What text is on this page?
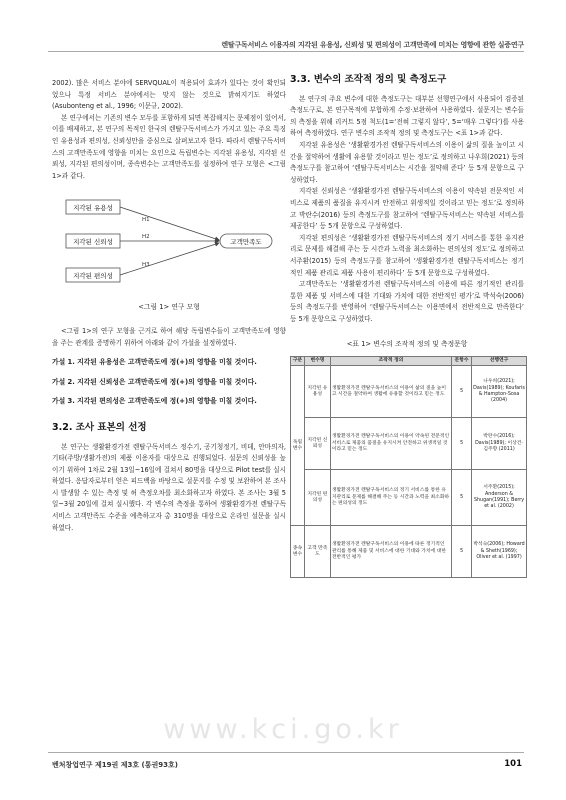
렌탈구독서비스 이용자의 지각된 유용성, 신뢰성 및 편의성이 고객만족에 미치는 영향에 관한 실증연구

2002). 많은 서비스 분야에 SERVQUAL이 적용되어 효과가 있다는 것이 확인되었으나 특정 서비스 분야에서는 맞지 않는 것으로 밝혀지기도 하였다(Asubonteng et al., 1996; 이문규, 2002).

본 연구에서는 기존의 변수 모두를 포함하게 되면 복잡해지는 문제점이 있어서, 이를 배제하고, 본 연구의 목적인 한국의 렌탈구독서비스가 가지고 있는 주요 특징인 유용성과 편의성, 신뢰성만을 중심으로 살펴보고자 한다. 따라서 렌탈구독서비스의 고객만족도에 영향을 미치는 요인으로 독립변수는 지각된 유용성, 지각된 신뢰성, 지각된 편의성이며, 종속변수는 고객만족도를 설정하여 연구 모형은 <그림 1>과 같다.

지각된 유용성
지각된 신뢰성
지각된 편의성
고객만족도
H1
H2
H3
<그림 1> 연구 모형

<그림 1>의 연구 모형을 근거로 하여 해당 독립변수들이 고객만족도에 영향을 주는 관계를 증명하기 위하여 아래와 같이 가설을 설정하였다.

가설 1. 지각된 유용성은 고객만족도에 정(+)의 영향을 미칠 것이다.
가설 2. 지각된 신뢰성은 고객만족도에 정(+)의 영향을 미칠 것이다.
가설 3. 지각된 편의성은 고객만족도에 정(+)의 영향을 미칠 것이다.
3.2. 조사 표본의 선정

본 연구는 생활환경가전 렌탈구독서비스 정수기, 공기청정기, 비데, 안마의자, 기타(주방/생활가전)의 제품 이용자를 대상으로 진행되었다. 설문의 신뢰성을 높이기 위하여 1차로 2월 13일~16일에 걸쳐서 80명을 대상으로 Pilot test를 실시하였다. 응답자로부터 얻은 피드백을 바탕으로 설문지를 수정 및 보완하여 본 조사 시 발생할 수 있는 측정 및 허 측정오차를 최소화하고자 하였다. 본 조사는 3월 5일~3월 20일에 걸쳐 실시했다. 각 변수의 측정을 통하여 생활환경가전 렌탈구독서비스 고객만족도 수준을 예측하고자 총 310명을 대상으로 온라인 설문을 실시하였다.

3.3. 변수의 조작적 정의 및 측정도구

본 연구의 주요 변수에 대한 측정도구는 대부분 선행연구에서 사용되어 검증된 측정도구로, 본 연구목적에 부합하게 수정·보완하여 사용하였다. 설문지는 변수들의 측정을 위해 리커트 5점 척도(1=‘전혀 그렇지 않다’, 5=‘매우 그렇다’)를 사용하여 측정하였다. 연구 변수의 조작적 정의 및 측정도구는 <표 1>과 같다.

지각된 유용성은 ‘생활환경가전 렌탈구독서비스의 이용이 삶의 질을 높이고 시간을 절약하여 생활에 유용할 것이라고 믿는 정도’로 정의하고 나우희(2021) 등의 측정도구를 참고하여 ‘렌탈구독서비스는 시간을 절약해 준다’ 등 5개 문항으로 구성하였다.

지각된 신뢰성은 ‘생활환경가전 렌탈구독서비스의 이용이 약속된 전문적인 서비스로 제품의 품질을 유지시켜 안전하고 위생적일 것이라고 믿는 정도’로 정의하고 박란수(2016) 등의 측정도구를 참고하여 ‘렌탈구독서비스는 약속된 서비스를 제공한다’ 등 5개 문항으로 구성하였다.

지각된 편의성은 ‘생활환경가전 렌탈구독서비스의 정기 서비스를 통한 유지관리로 문제를 해결해 주는 등 시간과 노력을 최소화하는 편의성의 정도’로 정의하고 서주환(2015) 등의 측정도구를 참고하여 ‘생활환경가전 렌탈구독서비스는 정기적인 제품 관리로 제품 사용이 편리하다’ 등 5개 문항으로 구성하였다.

고객만족도는 ‘생활환경가전 렌탈구독서비스의 이용에 따른 정기적인 관리를 통한 제품 및 서비스에 대한 기대와 가치에 대한 전반적인 평가’로 박석숙(2006) 등의 측정도구를 반영하여 ‘렌탈구독서비스는 이용면에서 전반적으로 만족한다’ 등 5개 문항으로 구성하였다.

<표 1> 변수의 조작적 정의 및 측정문항
구분	변수명	조작적 정의	문항수	선행연구
독립변수	지각된 유용성	생활환경가전 렌탈구독서비스의 이용이 삶의 질을 높이고 시간을 절약하여 생활에 유용할 것이라고 믿는 정도	5	나우희(2021); Davis(1989); Koufaris & Hampton-Sosa (2004)
	지각된 신뢰성	생활환경가전 렌탈구독서비스의 이용이 약속된 전문적인 서비스로 제품의 품질을 유지시켜 안전하고 위생적일 것이라고 믿는 정도	5	박란수(2016); Davis(1989); 이상건·김주향 (2011)
	지각된 편의성	생활환경가전 렌탈구독서비스의 정기 서비스를 통한 유지관리로 문제를 해결해 주는 등 시간과 노력을 최소화하는 편의성의 정도	5	서주환(2015); Anderson & Shugan(1991); Berry et al. (2002)
종속변수	고객 만족도	생활환경가전 렌탈구독서비스의 이용에 따른 정기적인 관리를 통해 제품 및 서비스에 대한 기대와 가치에 대한 전반적인 평가	5	박석숙(2006); Howard & Sheth(1969); Oliver et al. (1997)
www.kci.go.kr
벤처창업연구 제19권 제3호 (통권93호)	101
